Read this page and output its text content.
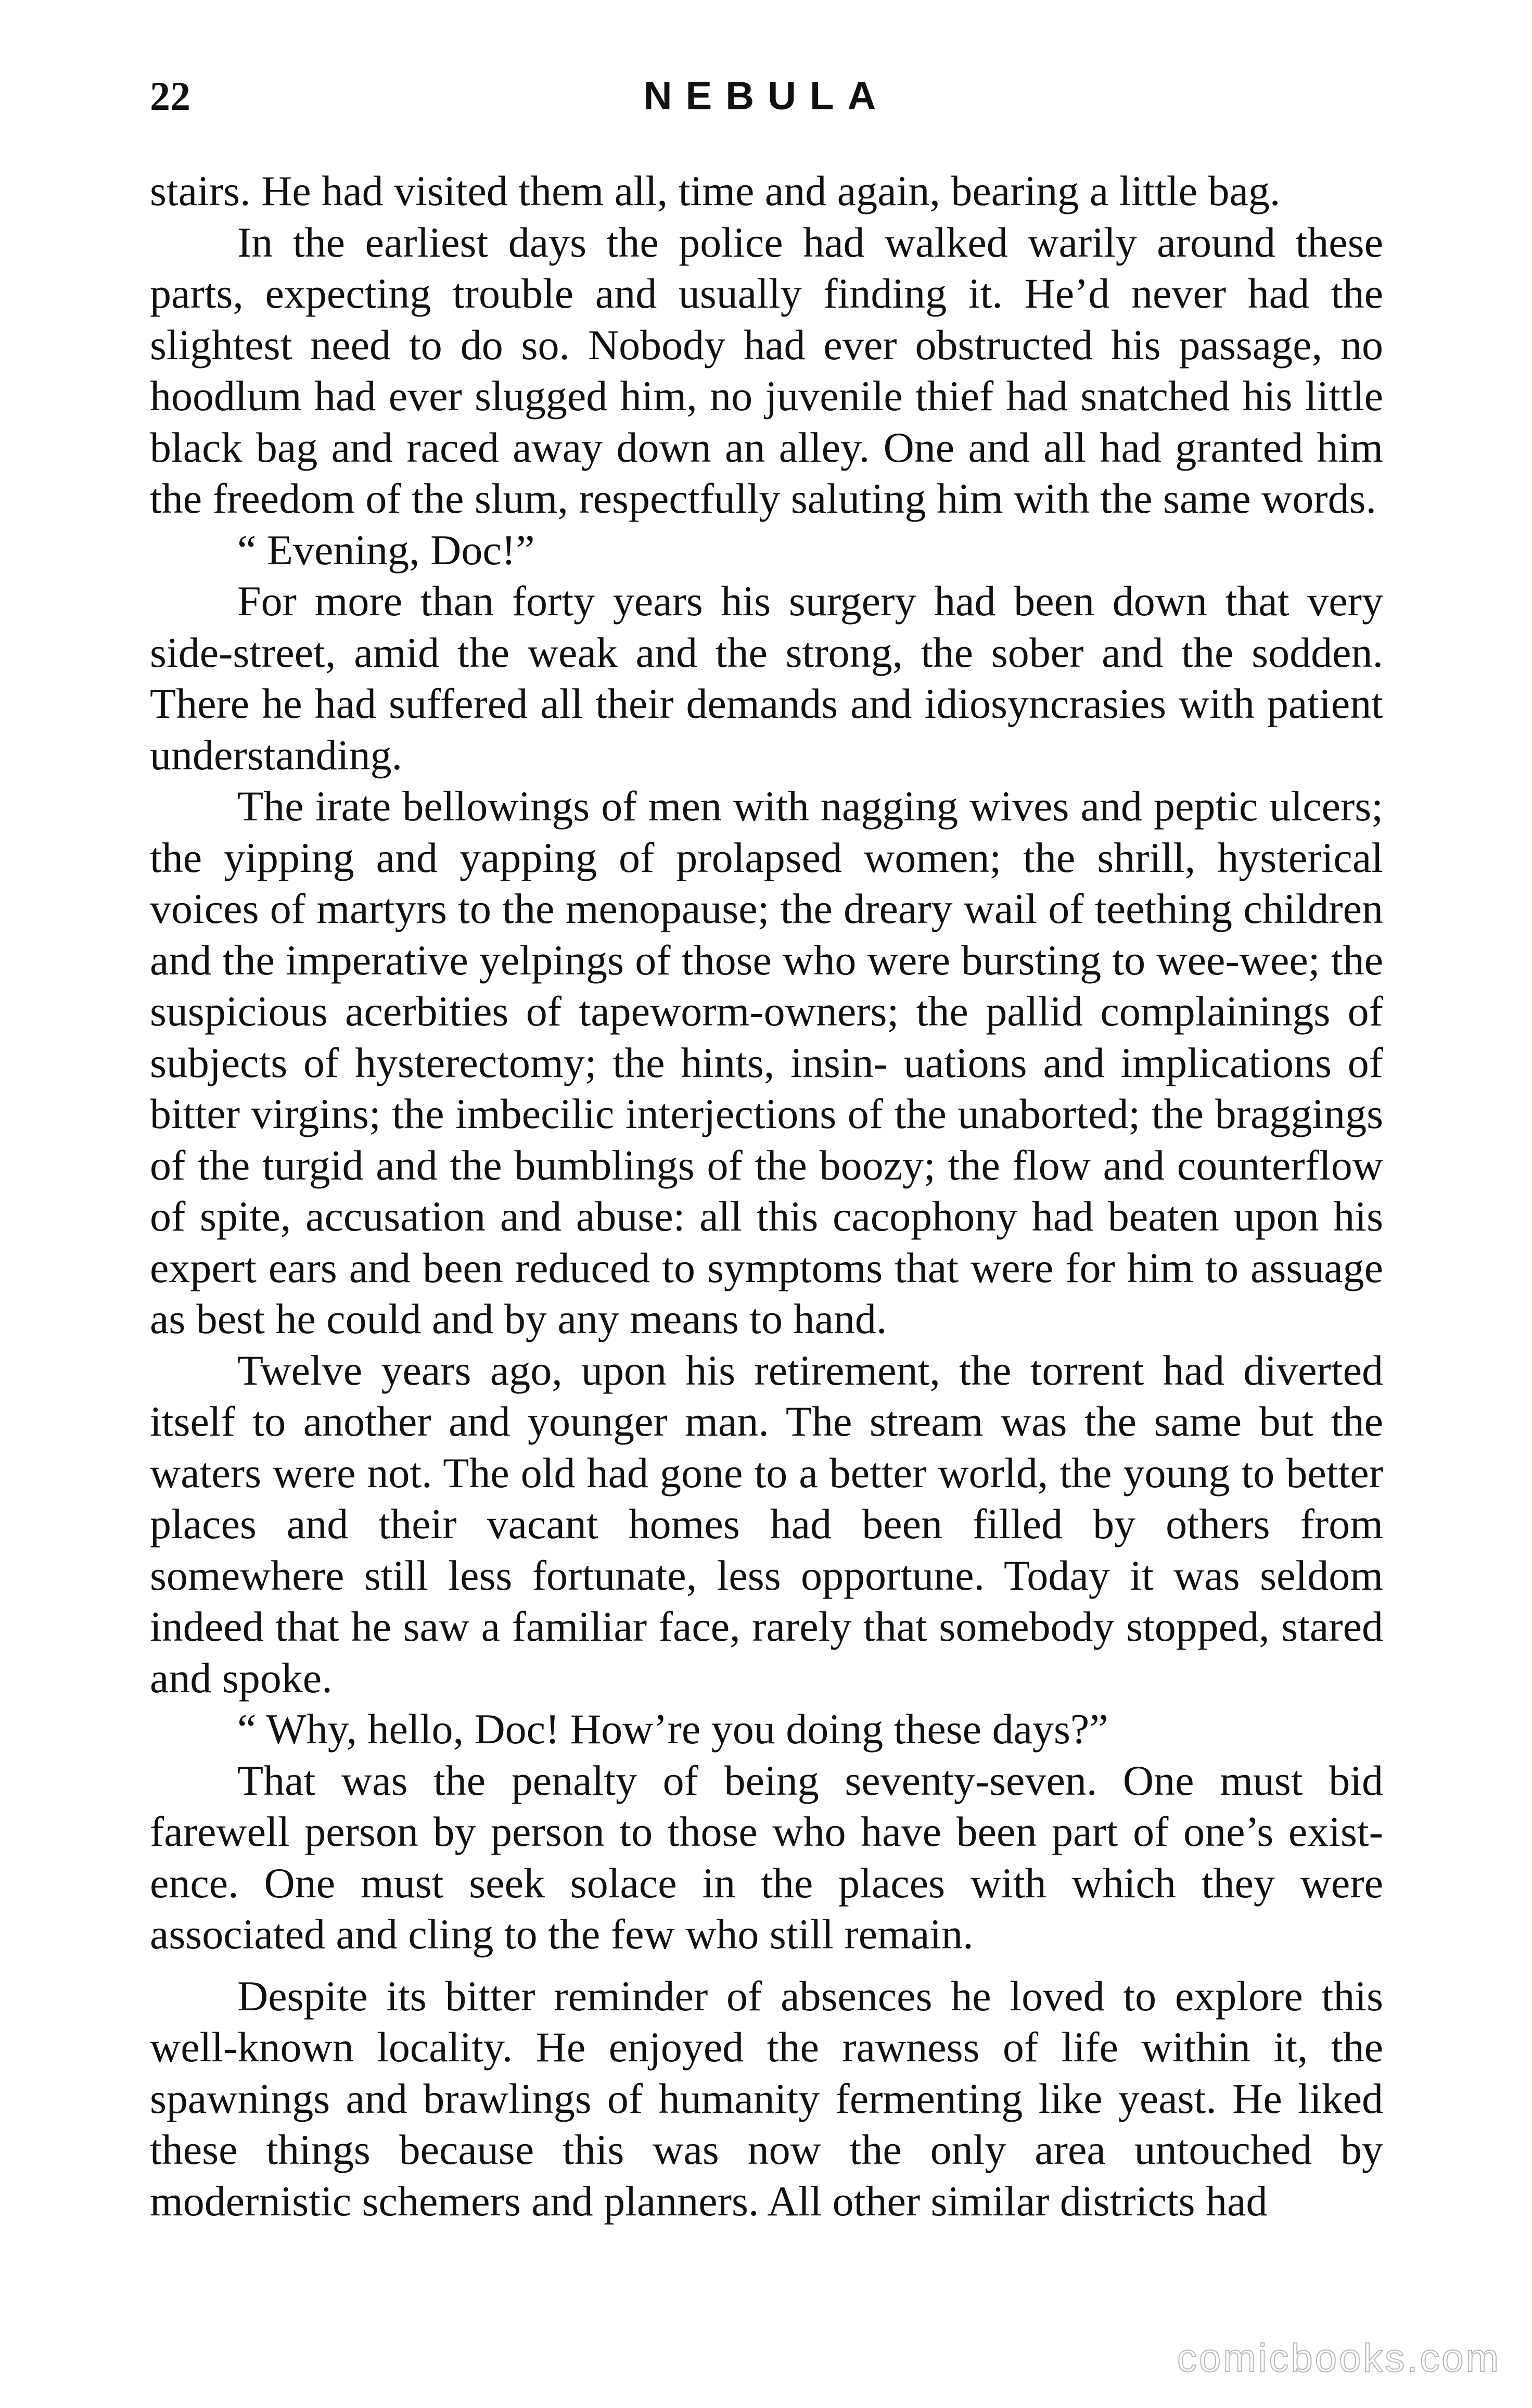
22	NEBULA

stairs. He had visited them all, time and again, bearing a little bag.

In the earliest days the police had walked warily around these parts, expecting trouble and usually finding it. He’d never had the slightest need to do so. Nobody had ever obstructed his passage, no hoodlum had ever slugged him, no juvenile thief had snatched his little black bag and raced away down an alley. One and all had granted him the freedom of the slum, respectfully saluting him with the same words.

“ Evening, Doc!”

For more than forty years his surgery had been down that very side-street, amid the weak and the strong, the sober and the sodden. There he had suffered all their demands and idiosyncrasies with patient understanding.

The irate bellowings of men with nagging wives and peptic ulcers; the yipping and yapping of prolapsed women; the shrill, hysterical voices of martyrs to the menopause; the dreary wail of teething children and the imperative yelpings of those who were bursting to wee-wee; the suspicious acerbities of tapeworm-owners; the pallid complainings of subjects of hysterectomy; the hints, insin- uations and implications of bitter virgins; the imbecilic interjections of the unaborted; the braggings of the turgid and the bumblings of the boozy; the flow and counterflow of spite, accusation and abuse: all this cacophony had beaten upon his expert ears and been reduced to symptoms that were for him to assuage as best he could and by any means to hand.

Twelve years ago, upon his retirement, the torrent had diverted itself to another and younger man. The stream was the same but the waters were not. The old had gone to a better world, the young to better places and their vacant homes had been filled by others from somewhere still less fortunate, less opportune. Today it was seldom indeed that he saw a familiar face, rarely that somebody stopped, stared and spoke.

“ Why, hello, Doc! How’re you doing these days?”

That was the penalty of being seventy-seven. One must bid farewell person by person to those who have been part of one’s exist- ence. One must seek solace in the places with which they were associated and cling to the few who still remain.

Despite its bitter reminder of absences he loved to explore this well-known locality. He enjoyed the rawness of life within it, the spawnings and brawlings of humanity fermenting like yeast. He liked these things because this was now the only area untouched by modernistic schemers and planners. All other similar districts had

comicbooks.com
